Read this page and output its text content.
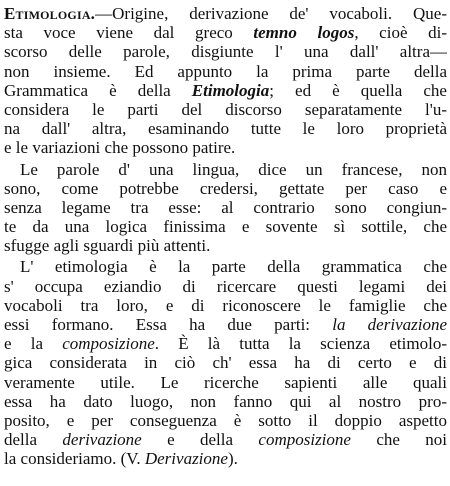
Etimologia.—Origine, derivazione de' vocaboli. Que-
sta voce viene dal greco temno logos, cioè di-
scorso delle parole, disgiunte l' una dall' altra—
non insieme. Ed appunto la prima parte della
Grammatica è della Etimologia; ed è quella che
considera le parti del discorso separatamente l'u-
na dall' altra, esaminando tutte le loro proprietà
e le variazioni che possono patire.
Le parole d' una lingua, dice un francese, non
sono, come potrebbe credersi, gettate per caso e
senza legame tra esse: al contrario sono congiun-
te da una logica finissima e sovente sì sottile, che
sfugge agli sguardi più attenti.
L' etimologia è la parte della grammatica che
s' occupa eziandio di ricercare questi legami dei
vocaboli tra loro, e di riconoscere le famiglie che
essi formano. Essa ha due parti: la derivazione
e la composizione. È là tutta la scienza etimolo-
gica considerata in ciò ch' essa ha di certo e di
veramente utile. Le ricerche sapienti alle quali
essa ha dato luogo, non fanno qui al nostro pro-
posito, e per conseguenza è sotto il doppio aspetto
della derivazione e della composizione che noi
la consideriamo. (V. Derivazione).
